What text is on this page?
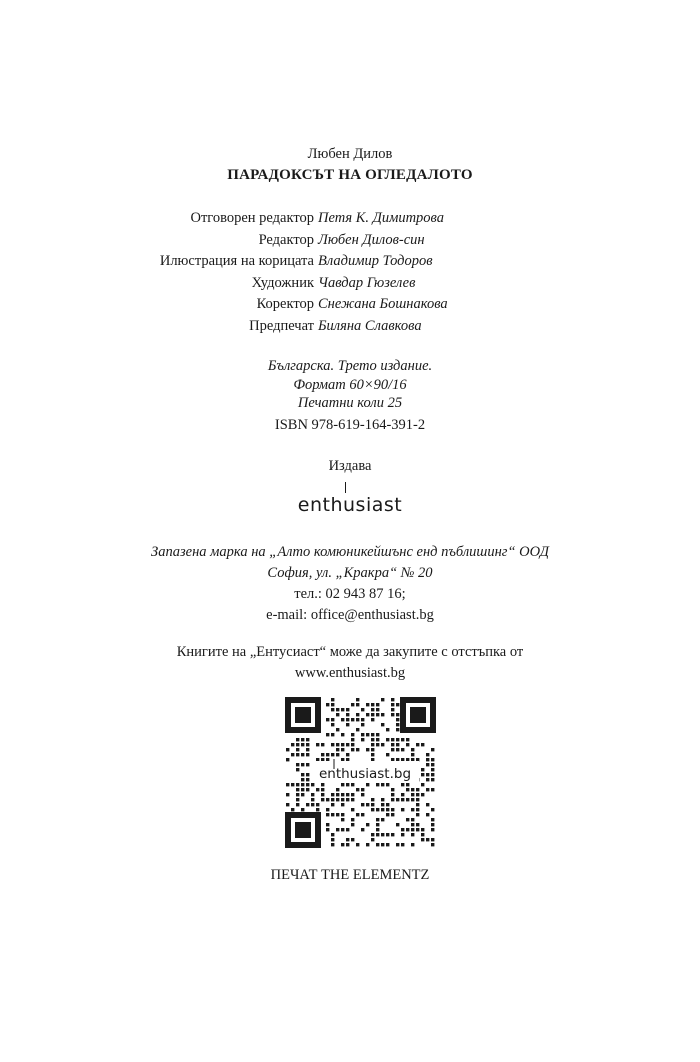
Любен Дилов
ПАРАДОКСЪТ НА ОГЛЕДАЛОТО
Отговорен редактор Петя К. Димитрова
Редактор Любен Дилов-син
Илюстрация на корицата Владимир Тодоров
Художник Чавдар Гюзелев
Коректор Снежана Бошнакова
Предпечат Биляна Славкова
Българска. Трето издание.
Формат 60×90/16
Печатни коли 25
ISBN 978-619-164-391-2
Издава
enthusiast
Запазена марка на „Алто комюникейшънс енд пъблишинг“ ООД
София, ул. „Кракра“ № 20
тел.: 02 943 87 16;
e-mail: office@enthusiast.bg
Книгите на „Ентусиаст“ може да закупите с отстъпка от
www.enthusiast.bg
enthusiast.bg
ПЕЧАТ THE ELEMENTZ
